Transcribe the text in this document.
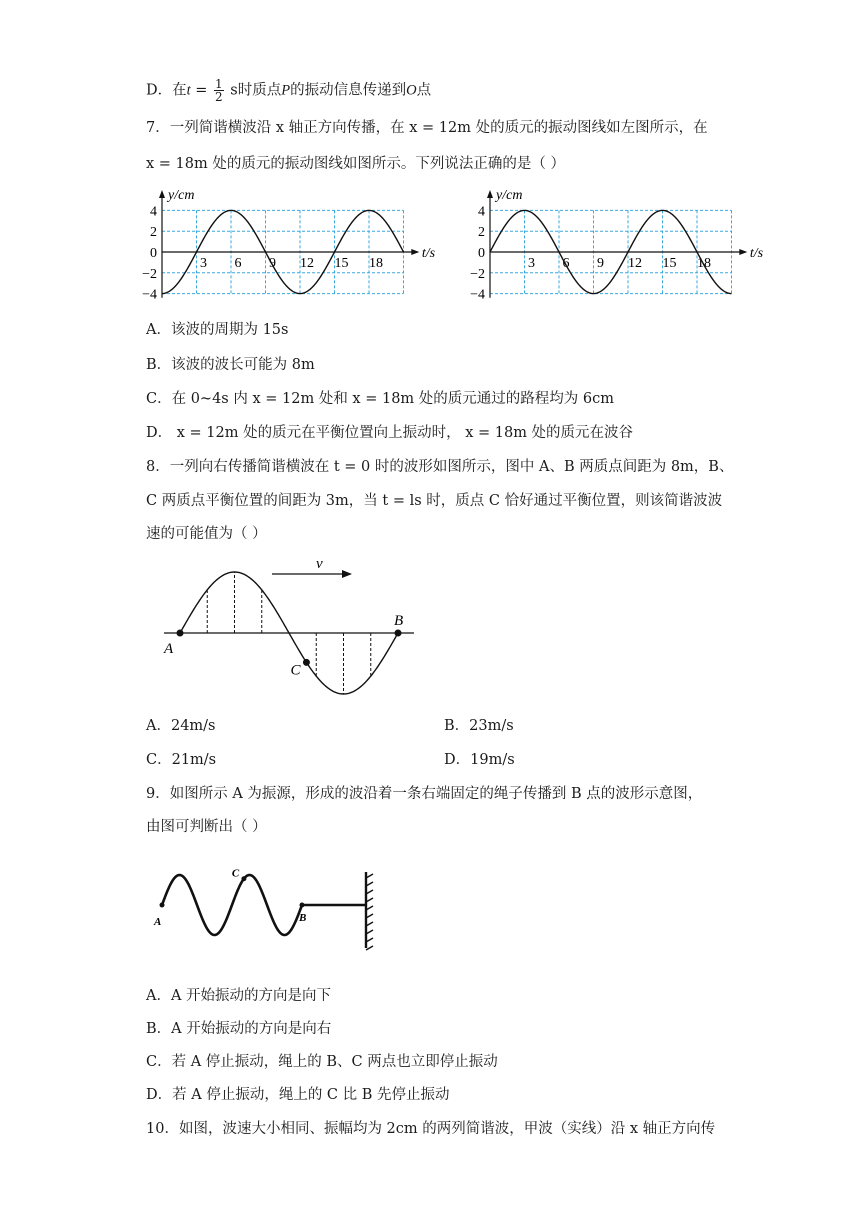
D．在$t = \frac{1}{2}$ s时质点P的振动信息传递到O点
7．一列简谐横波沿 x 轴正方向传播，在 x = 12m 处的质元的振动图线如左图所示，在
x = 18m 处的质元的振动图线如图所示。下列说法正确的是（ ）
y/cm
t/s
4
2
0
−2
−4
3 6 9 12 15 18
y/cm
t/s
4
2
0
−2
−4
3 6 9 12 15 18
A．该波的周期为 15s
B．该波的波长可能为 8m
C．在 0~4s 内 x = 12m 处和 x = 18m 处的质元通过的路程均为 6cm
D． x = 12m 处的质元在平衡位置向上振动时， x = 18m 处的质元在波谷
8．一列向右传播简谐横波在 t = 0 时的波形如图所示，图中 A、B 两质点间距为 8m，B、
C 两质点平衡位置的间距为 3m，当 t = ls 时，质点 C 恰好通过平衡位置，则该简谐波波
速的可能值为（ ）
A
B
C
v
A．24m/s	B．23m/s
C．21m/s	D．19m/s
9．如图所示 A 为振源，形成的波沿着一条右端固定的绳子传播到 B 点的波形示意图，
由图可判断出（ ）
A	B
C
A．A 开始振动的方向是向下
B．A 开始振动的方向是向右
C．若 A 停止振动，绳上的 B、C 两点也立即停止振动
D．若 A 停止振动，绳上的 C 比 B 先停止振动
10．如图，波速大小相同、振幅均为 2cm 的两列简谐波，甲波（实线）沿 x 轴正方向传
